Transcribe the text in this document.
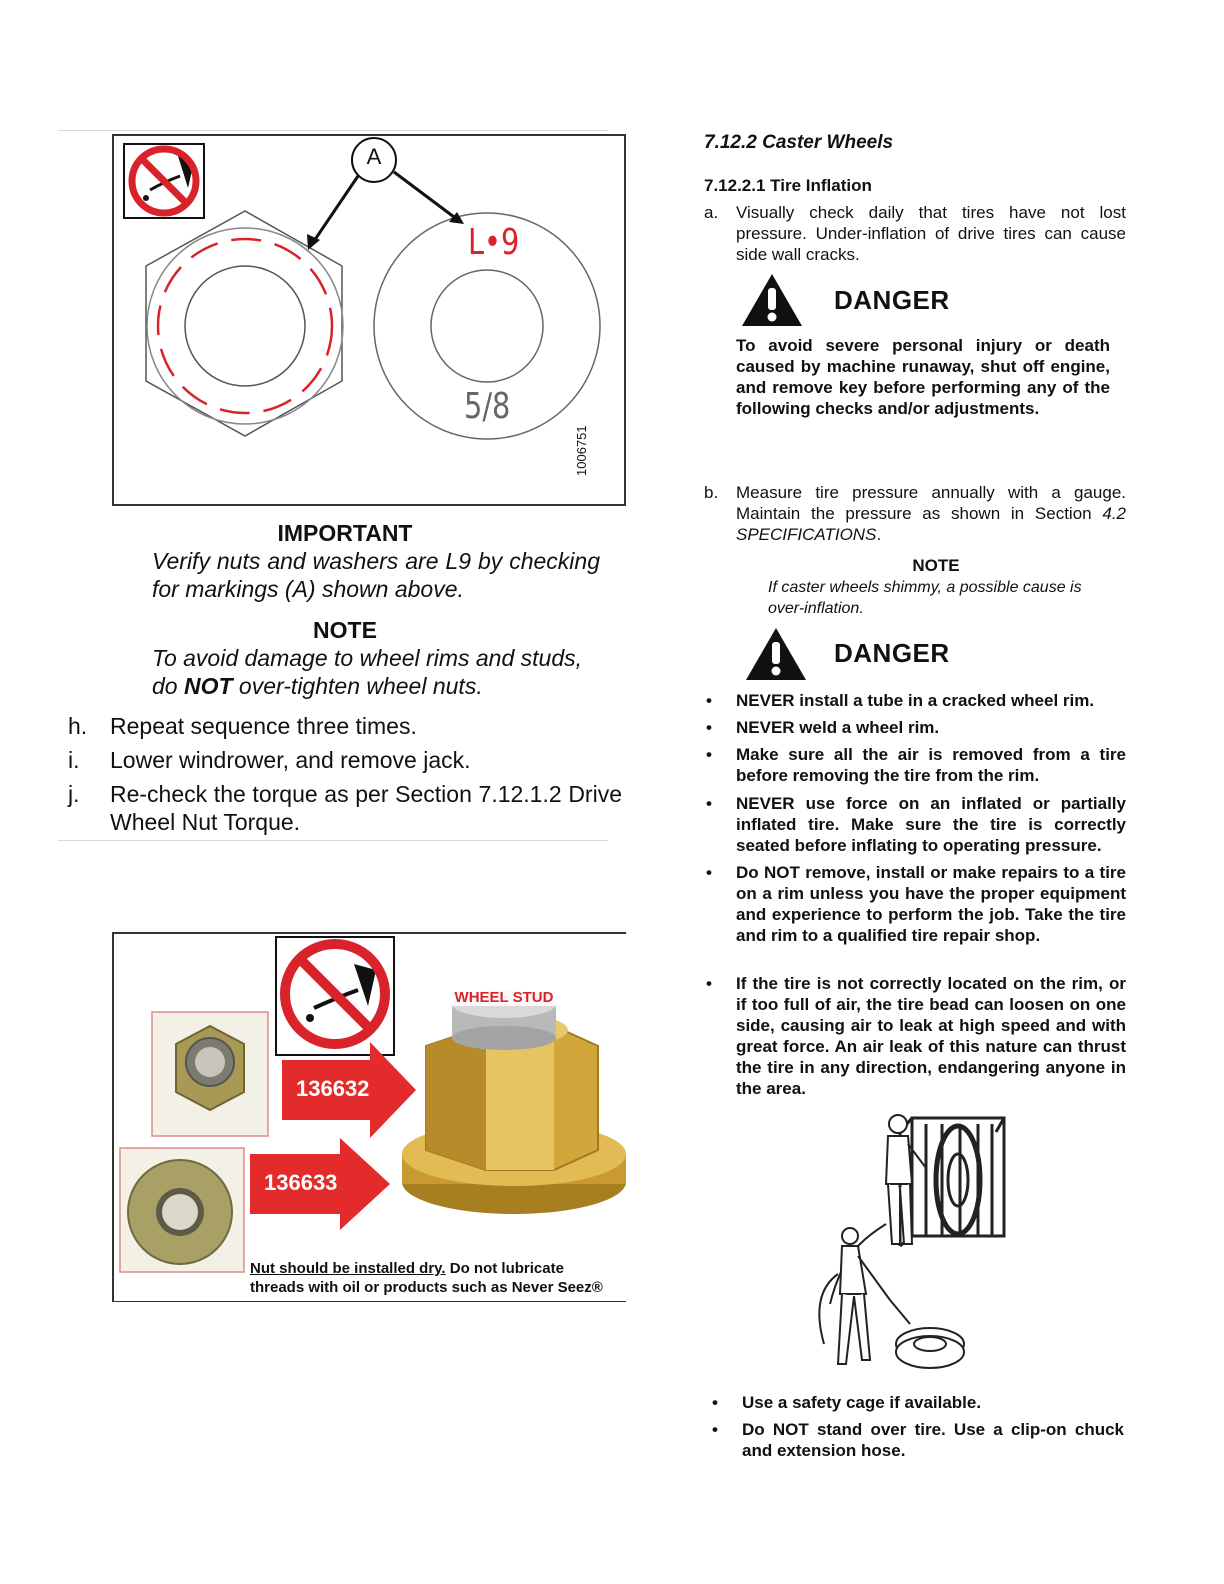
A
L•9
5/8
1006751
IMPORTANT
Verify nuts and washers are L9 by checking for markings (A) shown above.
NOTE
To avoid damage to wheel rims and studs, do NOT over-tighten wheel nuts.
h. Repeat sequence three times.
i. Lower windrower, and remove jack.
j. Re-check the torque as per Section 7.12.1.2 Drive Wheel Nut Torque.
WHEEL STUD
136632
136633
Nut should be installed dry. Do not lubricate
threads with oil or products such as Never Seez®
7.12.2 Caster Wheels
7.12.2.1 Tire Inflation
a. Visually check daily that tires have not lost pressure. Under-inflation of drive tires can cause side wall cracks.
DANGER
To avoid severe personal injury or death caused by machine runaway, shut off engine, and remove key before performing any of the following checks and/or adjustments.
b. Measure tire pressure annually with a gauge. Maintain the pressure as shown in Section 4.2 SPECIFICATIONS.
NOTE
If caster wheels shimmy, a possible cause is over-inflation.
DANGER
• NEVER install a tube in a cracked wheel rim.
• NEVER weld a wheel rim.
• Make sure all the air is removed from a tire before removing the tire from the rim.
• NEVER use force on an inflated or partially inflated tire. Make sure the tire is correctly seated before inflating to operating pressure.
• Do NOT remove, install or make repairs to a tire on a rim unless you have the proper equipment and experience to perform the job. Take the tire and rim to a qualified tire repair shop.
• If the tire is not correctly located on the rim, or if too full of air, the tire bead can loosen on one side, causing air to leak at high speed and with great force. An air leak of this nature can thrust the tire in any direction, endangering anyone in the area.
• Use a safety cage if available.
• Do NOT stand over tire. Use a clip-on chuck and extension hose.
